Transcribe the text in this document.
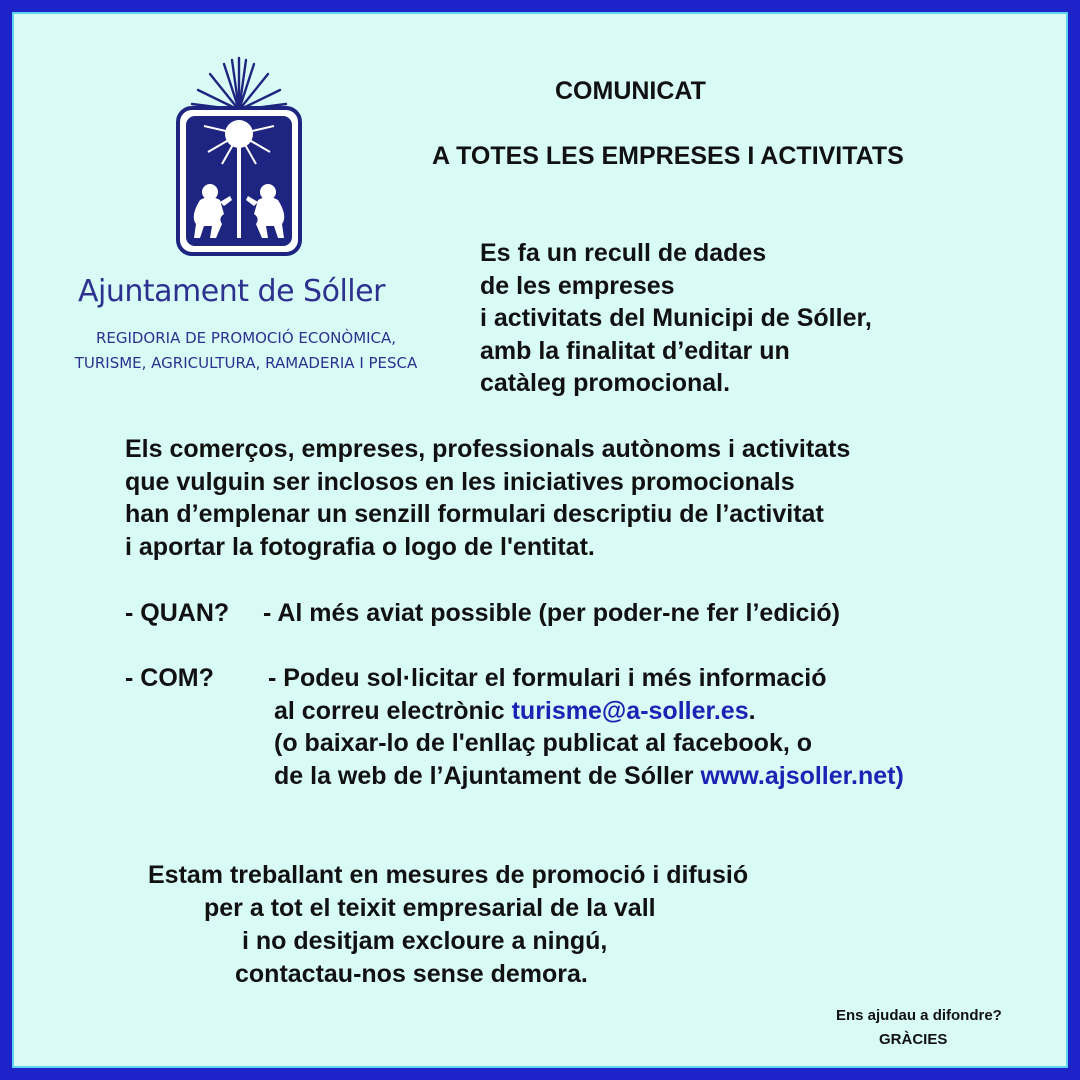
Ajuntament de Sóller
REGIDORIA DE PROMOCIÓ ECONÒMICA,
TURISME, AGRICULTURA, RAMADERIA I PESCA
COMUNICAT
A TOTES LES EMPRESES I ACTIVITATS
Es fa un recull de dades
de les empreses
i activitats del Municipi de Sóller,
amb la finalitat d’editar un
catàleg promocional.
Els comerços, empreses, professionals autònoms i activitats
que vulguin ser inclosos en les iniciatives promocionals
han d’emplenar un senzill formulari descriptiu de l’activitat
i aportar la fotografia o logo de l'entitat.
- QUAN? - Al més aviat possible (per poder-ne fer l’edició)
- COM? - Podeu sol·licitar el formulari i més informació
al correu electrònic turisme@a-soller.es.
(o baixar-lo de l'enllaç publicat al facebook, o
de la web de l’Ajuntament de Sóller www.ajsoller.net)
Estam treballant en mesures de promoció i difusió
per a tot el teixit empresarial de la vall
i no desitjam excloure a ningú,
contactau-nos sense demora.
Ens ajudau a difondre?
GRÀCIES
